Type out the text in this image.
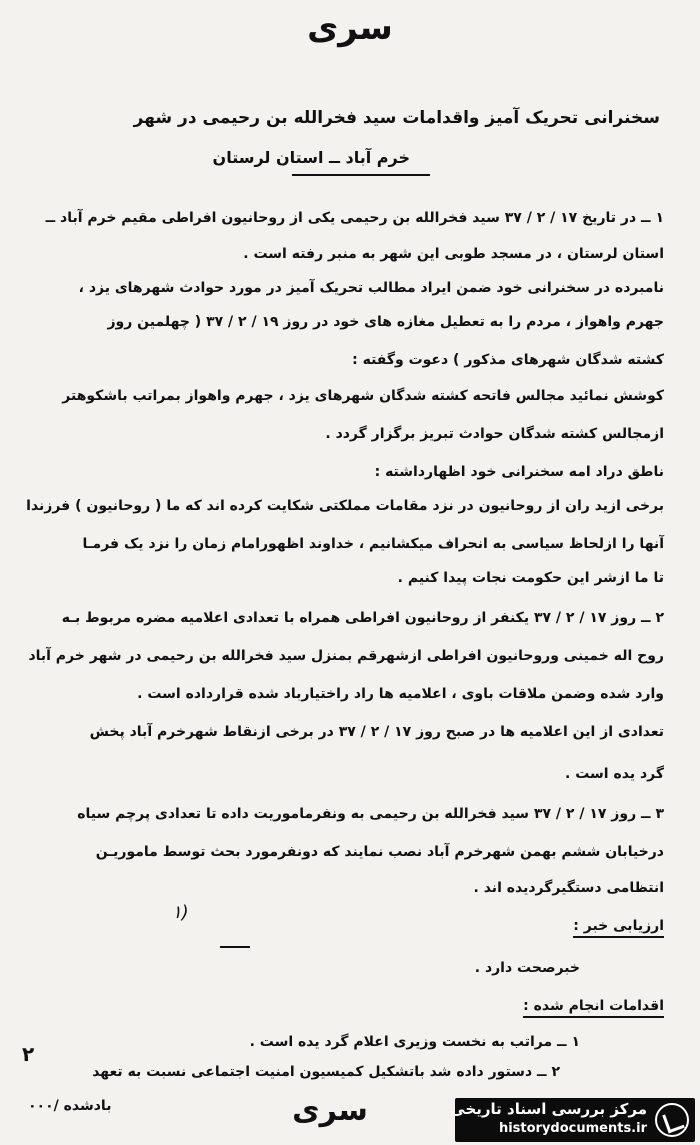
سری
سخنرانی تحریک آمیز واقدامات سید فخرالله بن رحیمی در شهر
خرم آباد ــ استان لرستان
۱ ــ در تاریخ ۱۷ / ۲ / ۳۷ سید فخرالله بن رحیمی یکی از روحانیون افراطی مقیم خرم آباد ــ
استان لرستان ، در مسجد طوبی این شهر به منبر رفته است .
نامبرده در سخنرانی خود ضمن ایراد مطالب تحریک آمیز در مورد حوادث شهرهای یزد ،
جهرم واهواز ، مردم را به تعطیل مغازه های خود در روز ۱۹ / ۲ / ۳۷ ( چهلمین روز
کشته شدگان شهرهای مذکور ) دعوت وگفته :
کوشش نمائید مجالس فاتحه کشته شدگان شهرهای یزد ، جهرم واهواز بمراتب باشکوهتر
ازمجالس کشته شدگان حوادث تبریز برگزار گردد .
ناطق دراد امه سخنرانی خود اظهارداشته :
برخی ازید ران از روحانیون در نزد مقامات مملکتی شکایت کرده اند که ما ( روحانیون ) فرزندا
آنها را ازلحاظ سیاسی به انحراف میکشانیم ، خداوند اظهورامام زمان را نزد یک فرمـا
تا ما ازشر این حکومت نجات پیدا کنیم .
۲ ــ روز ۱۷ / ۲ / ۳۷ یکنفر از روحانیون افراطی همراه با تعدادی اعلامیه مضره مربوط بـه
روح اله خمینی وروحانیون افراطی ازشهرقم بمنزل سید فخرالله بن رحیمی در شهر خرم آباد
وارد شده وضمن ملاقات باوی ، اعلامیه ها راد راختیارباد شده قرارداده است .
تعدادی از این اعلامیه ها در صبح روز ۱۷ / ۲ / ۳۷ در برخی ازنقاط شهرخرم آباد پخش
گرد یده است .
۳ ــ روز ۱۷ / ۲ / ۳۷ سید فخرالله بن رحیمی به ونفرماموریت داده تا تعدادی پرچم سیاه
درخیابان ششم بهمن شهرخرم آباد نصب نمایند که دونفرمورد بحث توسط ماموریـن
انتظامی دستگیرگردیده اند .
(۱
ارزیابی خبر :
خبرصحت دارد .
اقدامات انجام شده :
۱ ــ مراتب به نخست وزیری اعلام گرد یده است .
۲
۲ ــ دستور داده شد باتشکیل کمیسیون امنیت اجتماعی نسبت به تعهد
بادشده /۰۰۰	سری	مرکز بررسی اسناد تاریخی
historydocuments.ir
